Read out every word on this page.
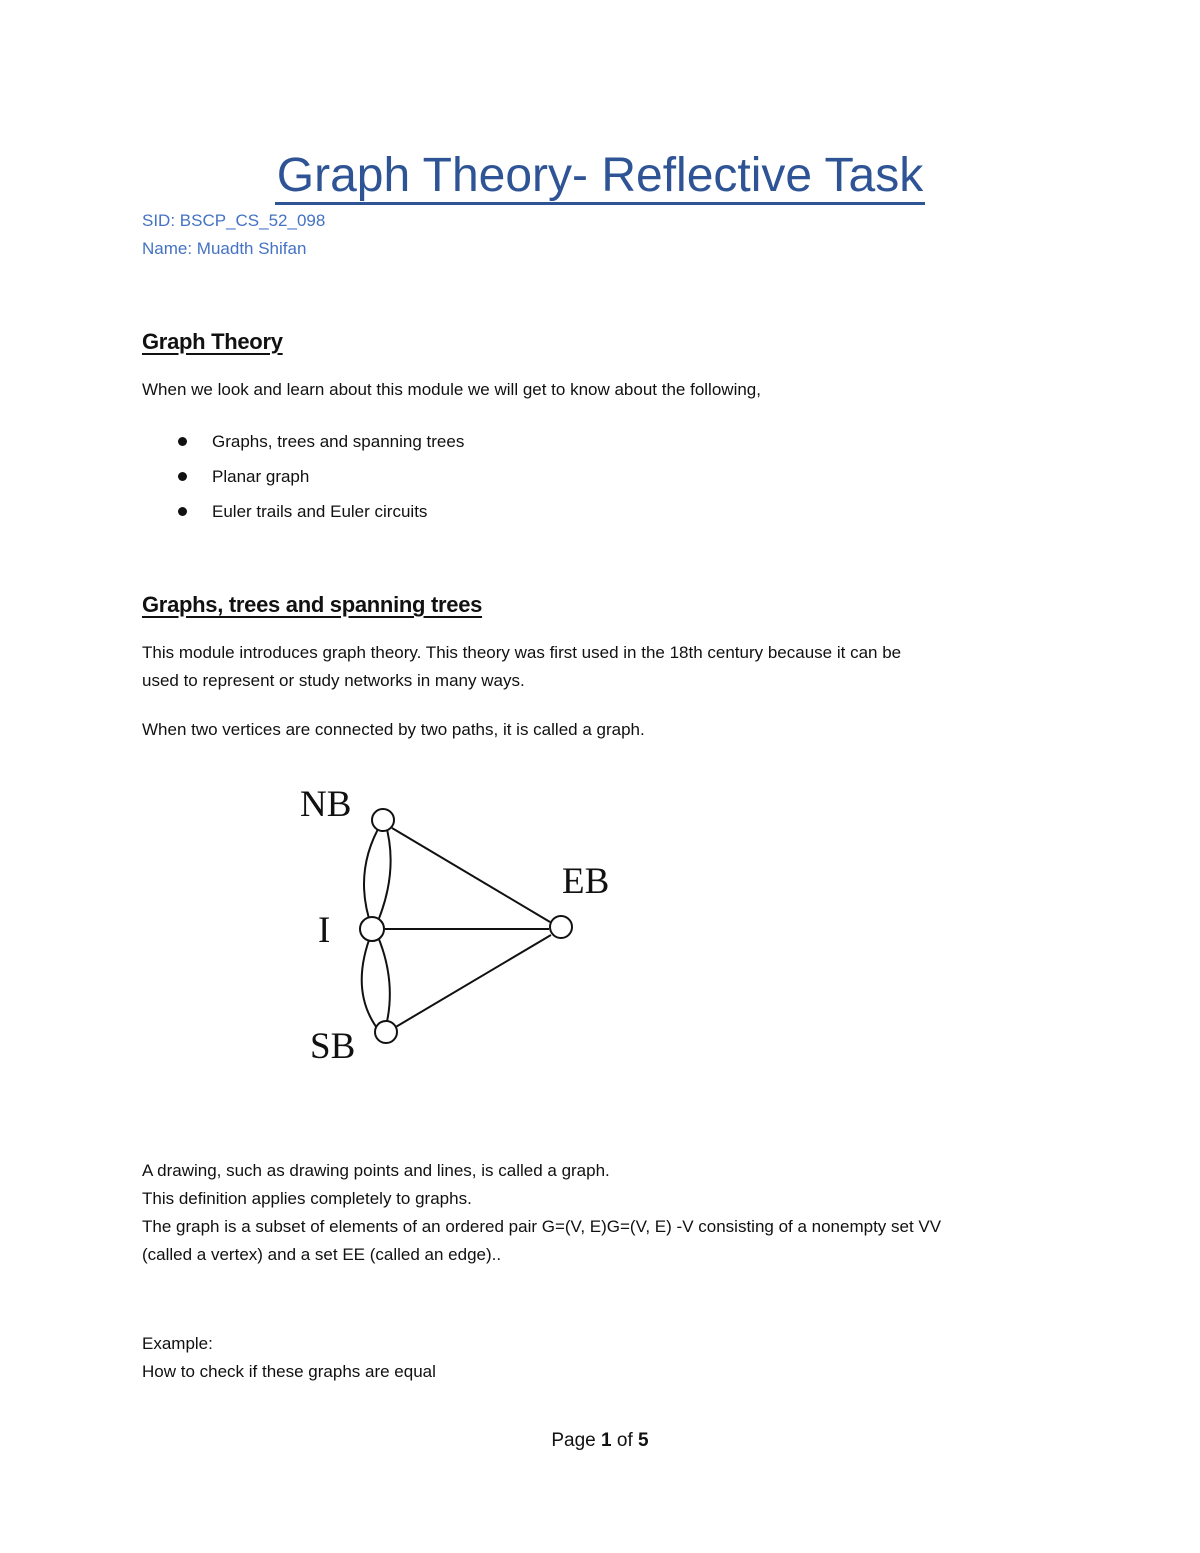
Graph Theory- Reflective Task
SID: BSCP_CS_52_098
Name: Muadth Shifan
Graph Theory

When we look and learn about this module we will get to know about the following,

Graphs, trees and spanning trees
Planar graph
Euler trails and Euler circuits
Graphs, trees and spanning trees

This module introduces graph theory. This theory was first used in the 18th century because it can be

used to represent or study networks in many ways.

When two vertices are connected by two paths, it is called a graph.

NB
EB
I
SB

A drawing, such as drawing points and lines, is called a graph.

This definition applies completely to graphs.

The graph is a subset of elements of an ordered pair G=(V, E)G=(V, E) -V consisting of a nonempty set VV

(called a vertex) and a set EE (called an edge)..

Example:

How to check if these graphs are equal

Page 1 of 5
